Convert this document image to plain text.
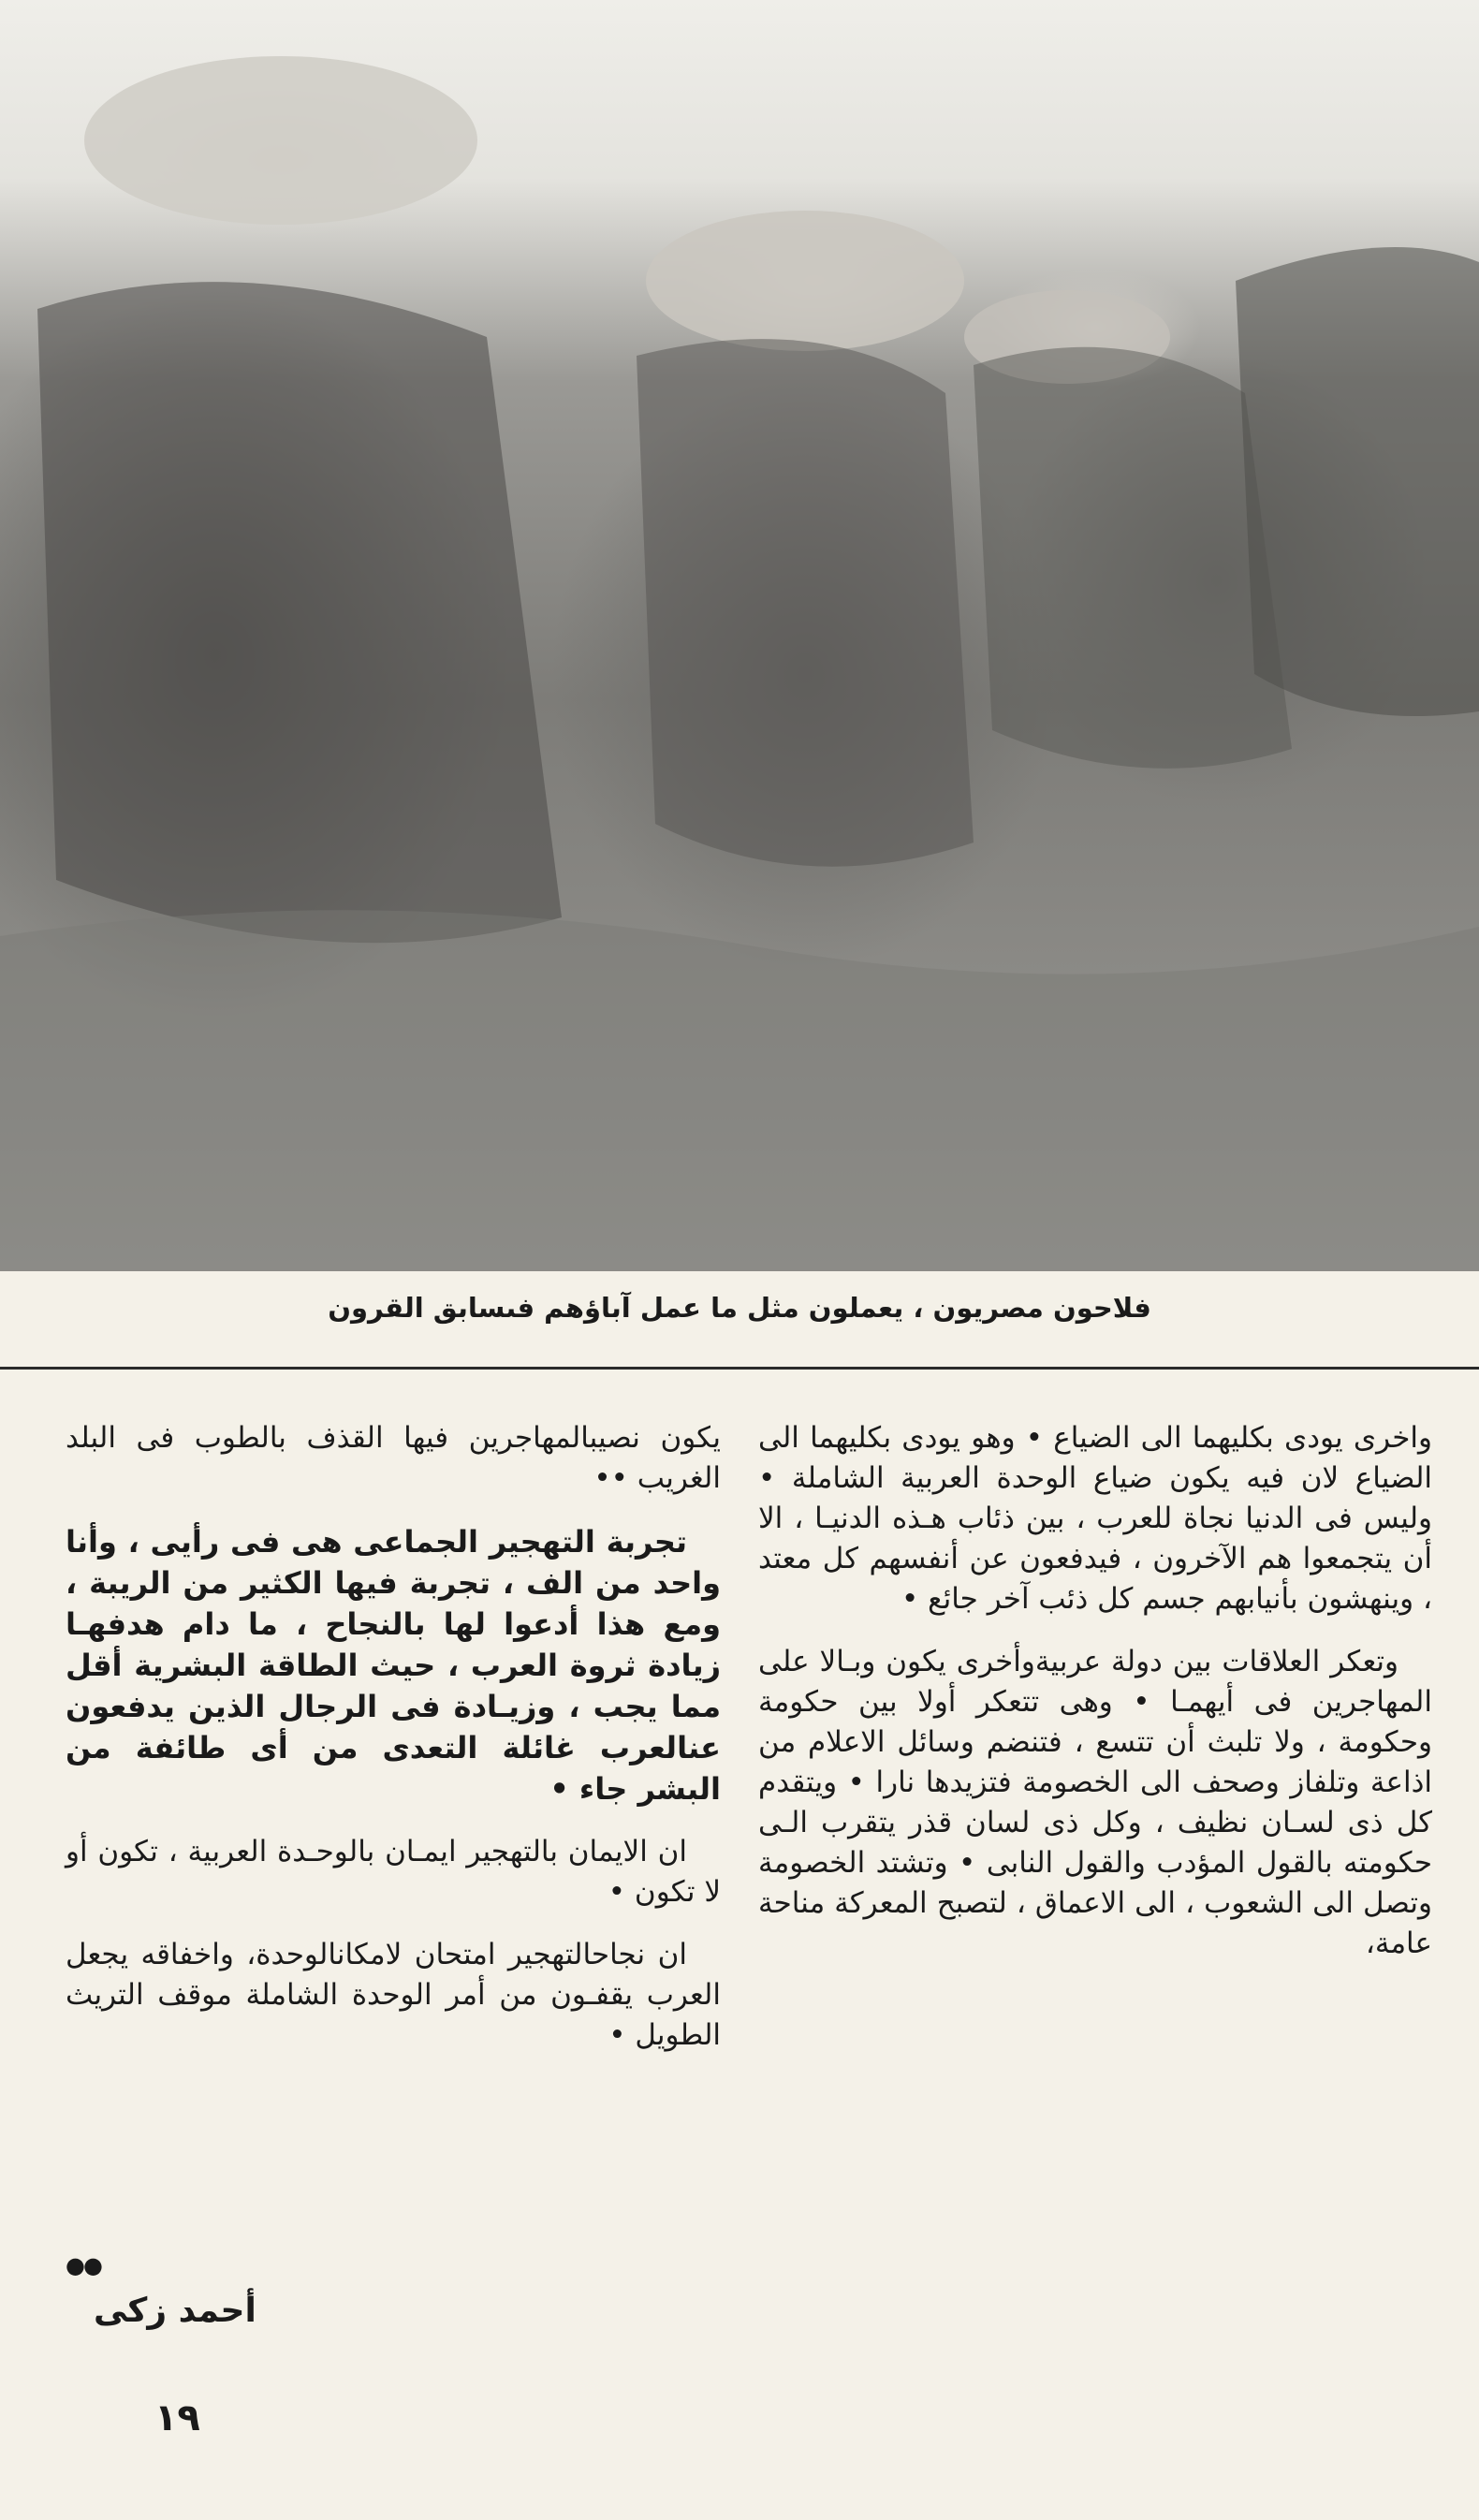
فلاحون مصريون ، يعملون مثل ما عمل آباؤهم فىسابق القرون

واخرى يودى بكليهما الى الضياع • وهو يودى بكليهما الى الضياع لان فيه يكون ضياع الوحدة العربية الشاملة • وليس فى الدنيا نجاة للعرب ، بين ذئاب هـذه الدنيـا ، الا أن يتجمعوا هم الآخرون ، فيدفعون عن أنفسهم كل معتد ، وينهشون بأنيابهم جسم كل ذئب آخر جائع •

وتعكر العلاقات بين دولة عربيةوأخرى يكون وبـالا على المهاجرين فى أيهمـا • وهى تتعكر أولا بين حكومة وحكومة ، ولا تلبث أن تتسع ، فتنضم وسائل الاعلام من اذاعة وتلفاز وصحف الى الخصومة فتزيدها نارا • ويتقدم كل ذى لسـان نظيف ، وكل ذى لسان قذر يتقرب الـى حكومته بالقول المؤدب والقول النابى • وتشتد الخصومة وتصل الى الشعوب ، الى الاعماق ، لتصبح المعركة مناحة عامة،

يكون نصيبالمهاجرين فيها القذف بالطوب فى البلد الغريب ••

تجربة التهجير الجماعى هى فى رأيى ، وأنا واحد من الف ، تجربة فيها الكثير من الريبة ، ومع هذا أدعوا لها بالنجاح ، ما دام هدفهـا زيادة ثروة العرب ، حيث الطاقة البشرية أقل مما يجب ، وزيـادة فى الرجال الذين يدفعون عنالعرب غائلة التعدى من أى طائفة من البشر جاء •

ان الايمان بالتهجير ايمـان بالوحـدة العربية ، تكون أو لا تكون •

ان نجاحالتهجير امتحان لامكانالوحدة، واخفاقه يجعل العرب يقفـون من أمر الوحدة الشاملة موقف التريث الطويل •

●●
أحمد زكى
١٩
